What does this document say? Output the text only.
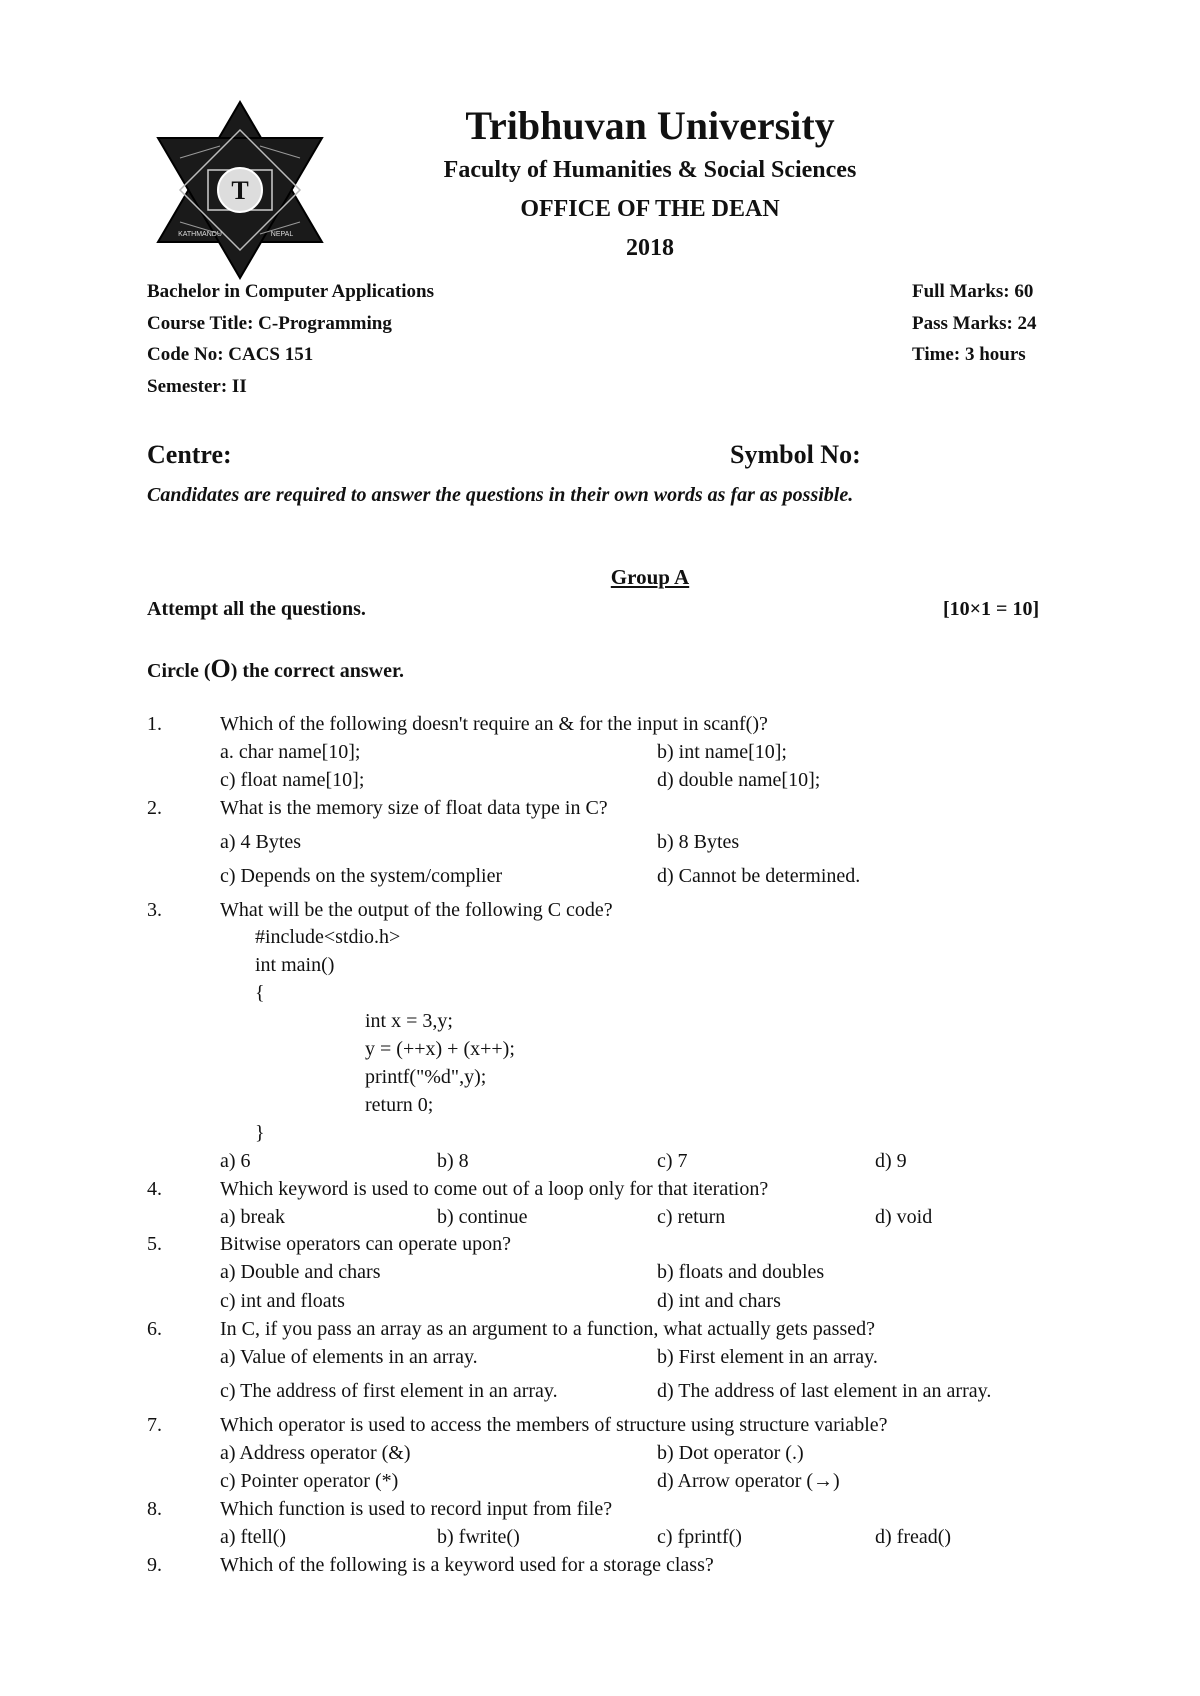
T
KATHMANDU	NEPAL
Tribhuvan University
Faculty of Humanities & Social Sciences
OFFICE OF THE DEAN
2018
Bachelor in Computer Applications
Course Title: C-Programming
Code No: CACS 151
Semester: II
Full Marks: 60
Pass Marks: 24
Time: 3 hours
Centre:	Symbol No:
Candidates are required to answer the questions in their own words as far as possible.
Group A
Attempt all the questions.	[10×1 = 10]
Circle (O) the correct answer.
1.	Which of the following doesn't require an & for the input in scanf()?
a. char name[10];	b) int name[10];
c) float name[10];	d) double name[10];
2.	What is the memory size of float data type in C?
a) 4 Bytes	b) 8 Bytes
c) Depends on the system/complier	d) Cannot be determined.
3.	What will be the output of the following C code?
#include<stdio.h>
int main()
{
int x = 3,y;
y = (++x) + (x++);
printf("%d",y);
return 0;
}
a) 6	b) 8	c) 7	d) 9
4.	Which keyword is used to come out of a loop only for that iteration?
a) break	b) continue	c) return	d) void
5.	Bitwise operators can operate upon?
a) Double and chars	b) floats and doubles
c) int and floats	d) int and chars
6.	In C, if you pass an array as an argument to a function, what actually gets passed?
a) Value of elements in an array.	b) First element in an array.
c) The address of first element in an array.	d) The address of last element in an array.
7.	Which operator is used to access the members of structure using structure variable?
a) Address operator (&)	b) Dot operator (.)
c) Pointer operator (*)	d) Arrow operator (→)
8.	Which function is used to record input from file?
a) ftell()	b) fwrite()	c) fprintf()	d) fread()
9.	Which of the following is a keyword used for a storage class?
